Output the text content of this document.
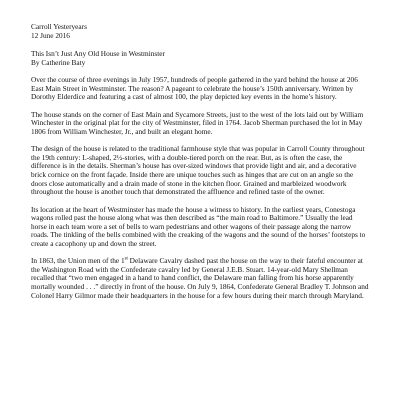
Carroll Yesteryears

12 June 2016

This Isn’t Just Any Old House in Westminster

By Catherine Baty

Over the course of three evenings in July 1957, hundreds of people gathered in the yard behind the house at 206 East Main Street in Westminster. The reason? A pageant to celebrate the house’s 150th anniversary. Written by Dorothy Elderdice and featuring a cast of almost 100, the play depicted key events in the home’s history.

The house stands on the corner of East Main and Sycamore Streets, just to the west of the lots laid out by William Winchester in the original plat for the city of Westminster, filed in 1764. Jacob Sherman purchased the lot in May 1806 from William Winchester, Jr., and built an elegant home.

The design of the house is related to the traditional farmhouse style that was popular in Carroll County throughout the 19th century: L-shaped, 2½-stories, with a double-tiered porch on the rear. But, as is often the case, the difference is in the details. Sherman’s house has over-sized windows that provide light and air, and a decorative brick cornice on the front façade. Inside there are unique touches such as hinges that are cut on an angle so the doors close automatically and a drain made of stone in the kitchen floor. Grained and marbleized woodwork throughout the house is another touch that demonstrated the affluence and refined taste of the owner.

Its location at the heart of Westminster has made the house a witness to history. In the earliest years, Conestoga wagons rolled past the house along what was then described as “the main road to Baltimore.” Usually the lead horse in each team wore a set of bells to warn pedestrians and other wagons of their passage along the narrow roads. The tinkling of the bells combined with the creaking of the wagons and the sound of the horses’ footsteps to create a cacophony up and down the street.

In 1863, the Union men of the 1st Delaware Cavalry dashed past the house on the way to their fateful encounter at the Washington Road with the Confederate cavalry led by General J.E.B. Stuart. 14-year-old Mary Shellman recalled that “two men engaged in a hand to hand conflict, the Delaware man falling from his horse apparently mortally wounded . . .” directly in front of the house. On July 9, 1864, Confederate General Bradley T. Johnson and Colonel Harry Gilmor made their headquarters in the house for a few hours during their march through Maryland.
